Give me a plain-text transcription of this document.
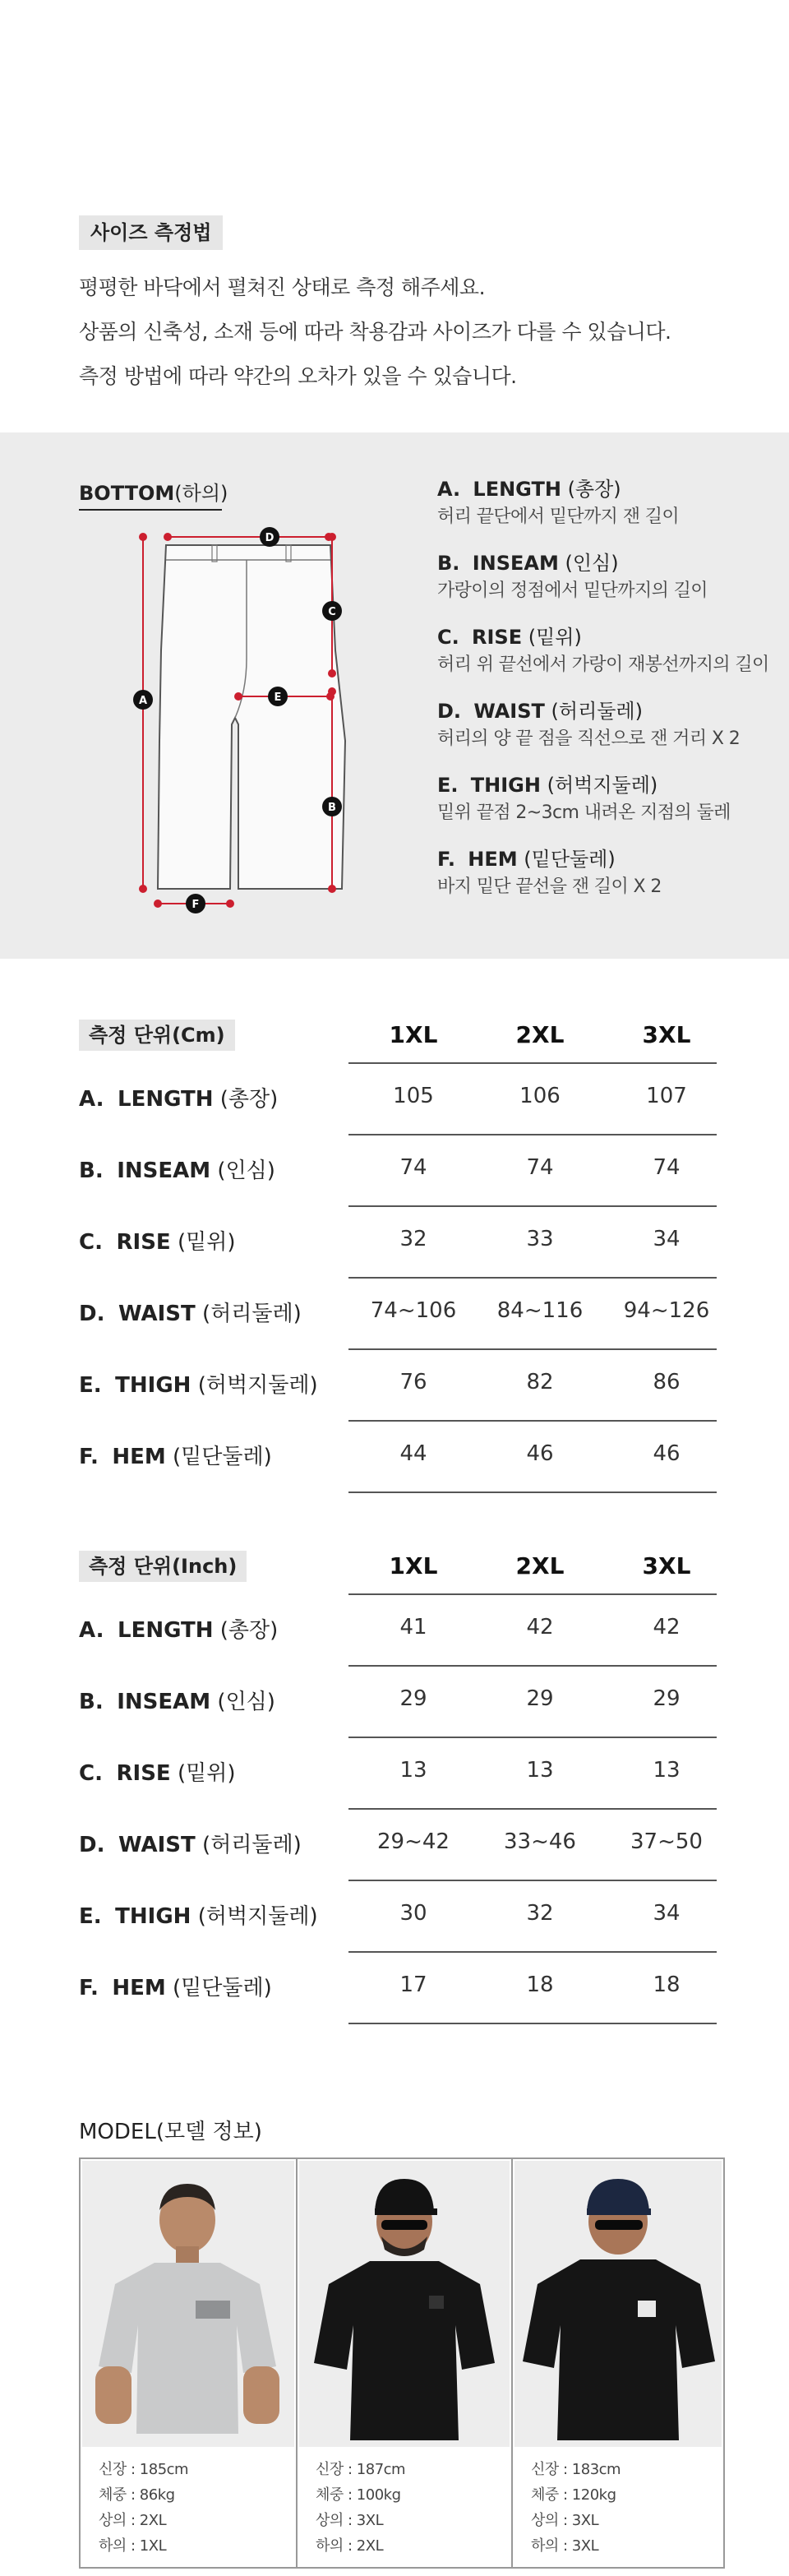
사이즈 측정법
평평한 바닥에서 펼쳐진 상태로 측정 해주세요.
상품의 신축성, 소재 등에 따라 착용감과 사이즈가 다를 수 있습니다.
측정 방법에 따라 약간의 오차가 있을 수 있습니다.
BOTTOM(하의)
A
B
C
D
E
F
A. LENGTH (총장)
허리 끝단에서 밑단까지 잰 길이
B. INSEAM (인심)
가랑이의 정점에서 밑단까지의 길이
C. RISE (밑위)
허리 위 끝선에서 가랑이 재봉선까지의 길이
D. WAIST (허리둘레)
허리의 양 끝 점을 직선으로 잰 거리 X 2
E. THIGH (허벅지둘레)
밑위 끝점 2~3cm 내려온 지점의 둘레
F. HEM (밑단둘레)
바지 밑단 끝선을 잰 길이 X 2
측정 단위(Cm)	1XL	2XL	3XL
A. LENGTH (총장)	105	106	107
B. INSEAM (인심)	74	74	74
C. RISE (밑위)	32	33	34
D. WAIST (허리둘레)	74~106	84~116	94~126
E. THIGH (허벅지둘레)	76	82	86
F. HEM (밑단둘레)	44	46	46
측정 단위(Inch)	1XL	2XL	3XL
A. LENGTH (총장)	41	42	42
B. INSEAM (인심)	29	29	29
C. RISE (밑위)	13	13	13
D. WAIST (허리둘레)	29~42	33~46	37~50
E. THIGH (허벅지둘레)	30	32	34
F. HEM (밑단둘레)	17	18	18
MODEL(모델 정보)
신장 : 185cm
체중 : 86kg
상의 : 2XL
하의 : 1XL
신장 : 187cm
체중 : 100kg
상의 : 3XL
하의 : 2XL
신장 : 183cm
체중 : 120kg
상의 : 3XL
하의 : 3XL
